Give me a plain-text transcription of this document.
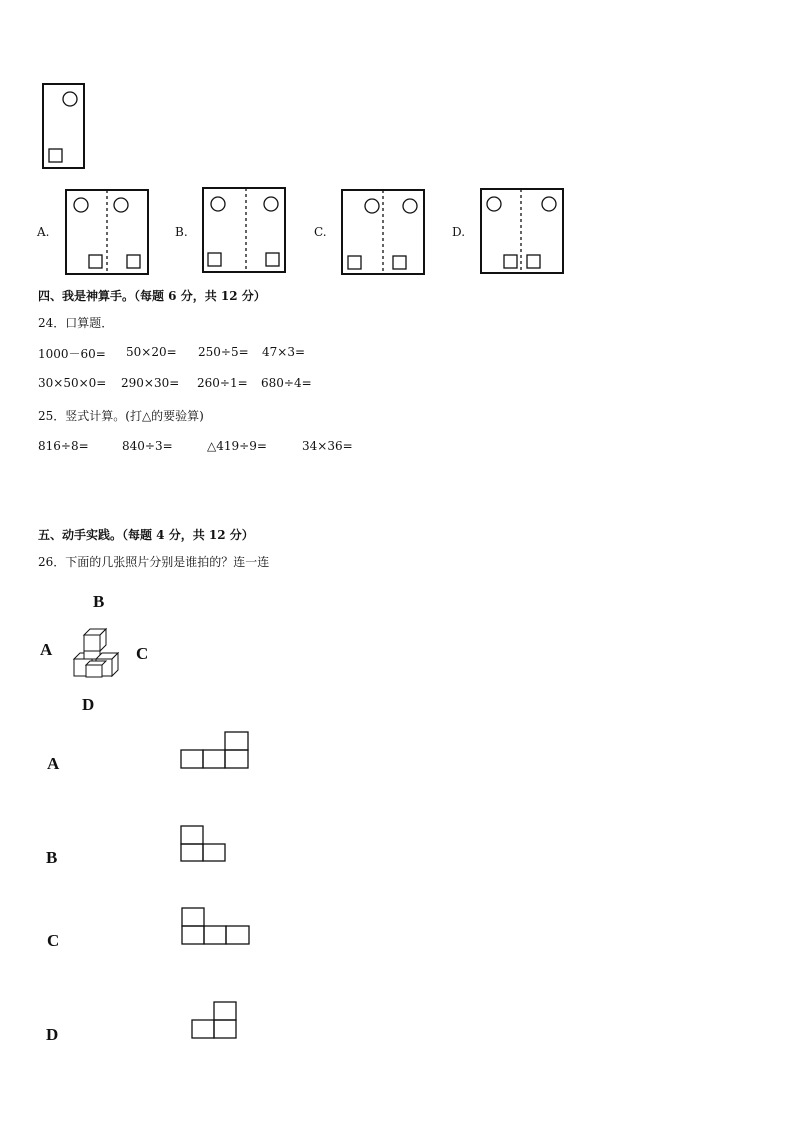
A.	B.	C.	D.
四、我是神算手。（每题 6 分，共 12 分）
24．口算题．
1000－60= 50×20= 250÷5= 47×3=
30×50×0= 290×30= 260÷1= 680÷4=
25．竖式计算。(打△的要验算)
816÷8=	840÷3=	△419÷9=	34×36=
五、动手实践。（每题 4 分，共 12 分）
26．下面的几张照片分别是谁拍的？连一连
B
A	C
D
A
B
C
D
